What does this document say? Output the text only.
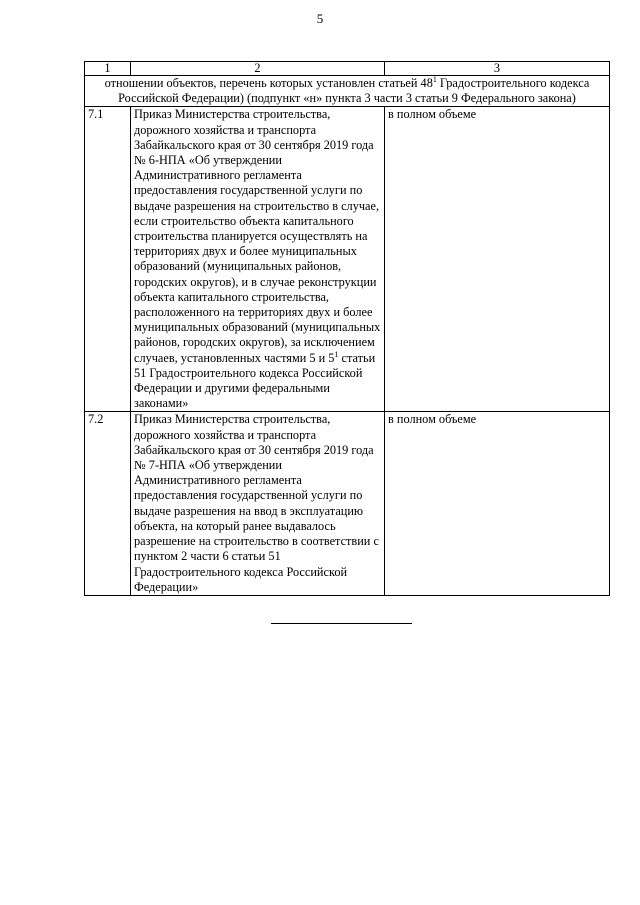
5
1	2	3
отношении объектов, перечень которых установлен статьей $48^1$ Градостроительного кодекса Российской Федерации) (подпункт «н» пункта 3 части 3 статьи 9 Федерального закона)		
7.1	Приказ Министерства строительства, дорожного хозяйства и транспорта Забайкальского края от 30 сентября 2019 года № 6-НПА «Об утверждении Административного регламента предоставления государственной услуги по выдаче разрешения на строительство в случае, если строительство объекта капитального строительства планируется осуществлять на территориях двух и более муниципальных образований (муниципальных районов, городских округов), и в случае реконструкции объекта капитального строительства, расположенного на территориях двух и более муниципальных образований (муниципальных районов, городских округов), за исключением случаев, установленных частями 5 и $5^1$ статьи 51 Градостроительного кодекса Российской Федерации и другими федеральными законами»	в полном объеме
7.2	Приказ Министерства строительства, дорожного хозяйства и транспорта Забайкальского края от 30 сентября 2019 года № 7-НПА «Об утверждении Административного регламента предоставления государственной услуги по выдаче разрешения на ввод в эксплуатацию объекта, на который ранее выдавалось разрешение на строительство в соответствии с пунктом 2 части 6 статьи 51 Градостроительного кодекса Российской Федерации»	в полном объеме
